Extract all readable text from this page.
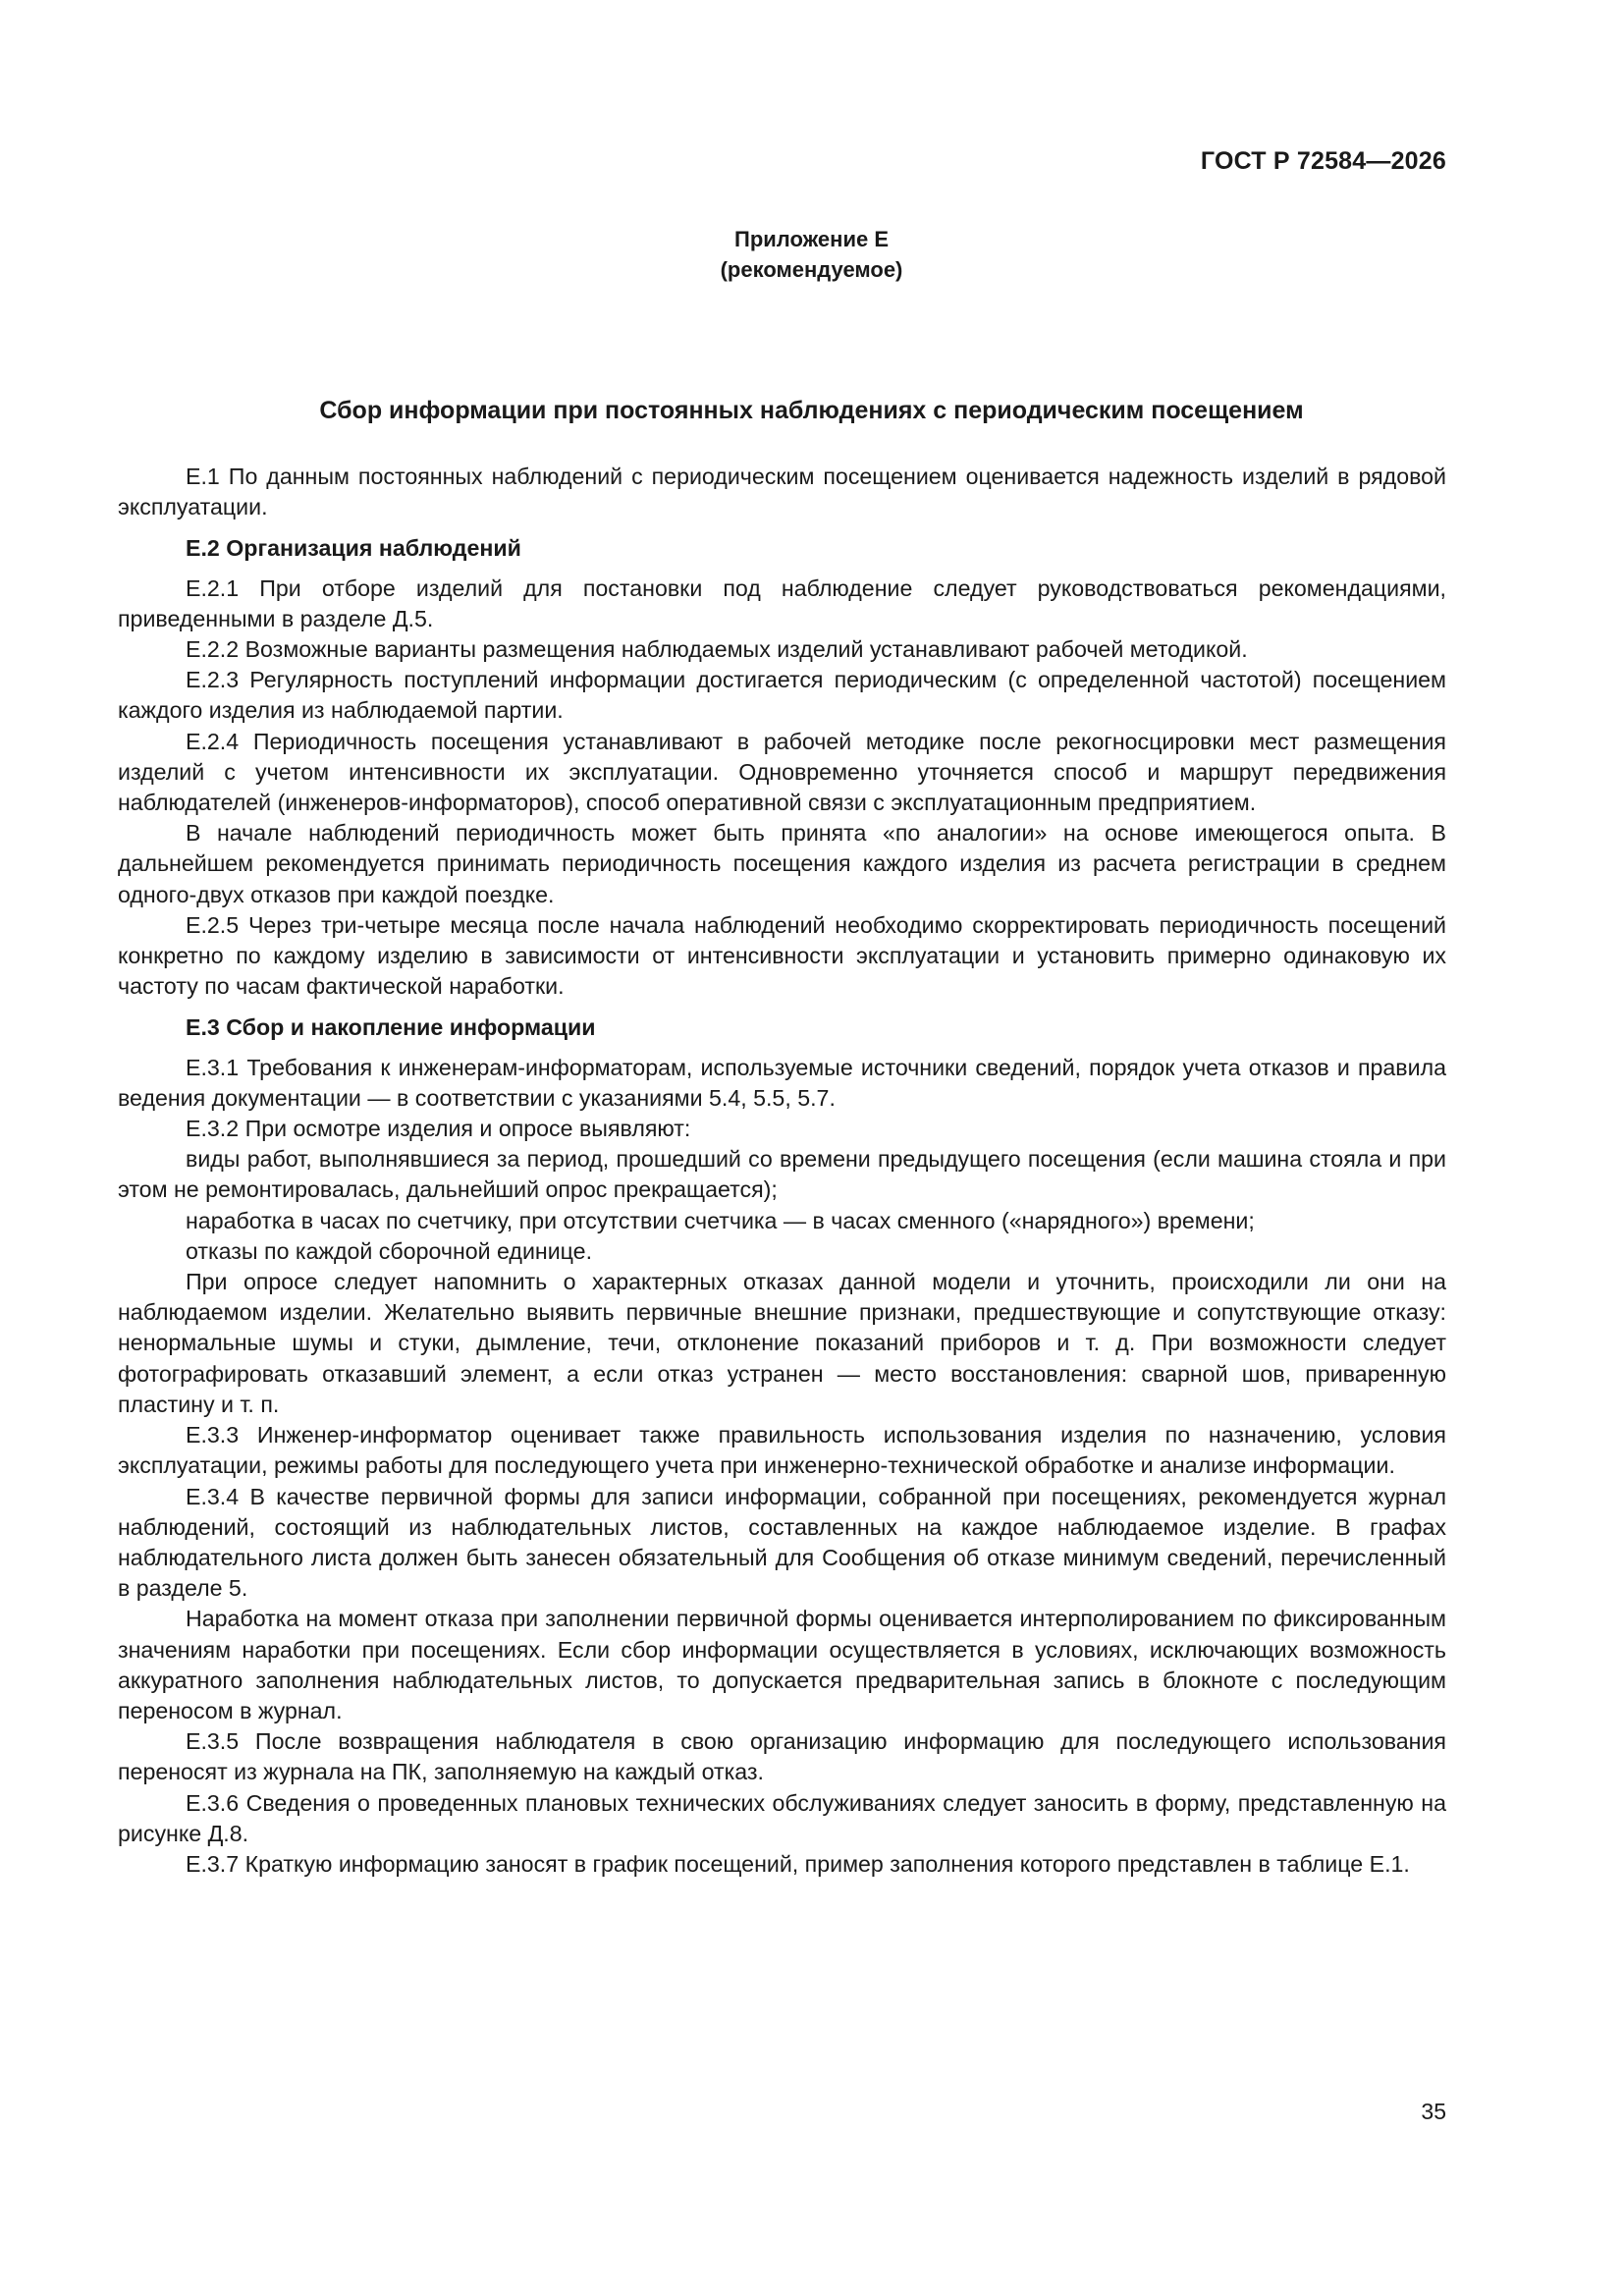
ГОСТ Р 72584—2026
Приложение Е
(рекомендуемое)
Сбор информации при постоянных наблюдениях с периодическим посещением

Е.1 По данным постоянных наблюдений с периодическим посещением оценивается надежность изделий в рядовой эксплуатации.

Е.2 Организация наблюдений

Е.2.1 При отборе изделий для постановки под наблюдение следует руководствоваться рекомендациями, приведенными в разделе Д.5.

Е.2.2 Возможные варианты размещения наблюдаемых изделий устанавливают рабочей методикой.

Е.2.3 Регулярность поступлений информации достигается периодическим (с определенной частотой) посещением каждого изделия из наблюдаемой партии.

Е.2.4 Периодичность посещения устанавливают в рабочей методике после рекогносцировки мест размещения изделий с учетом интенсивности их эксплуатации. Одновременно уточняется способ и маршрут передвижения наблюдателей (инженеров-информаторов), способ оперативной связи с эксплуатационным предприятием.

В начале наблюдений периодичность может быть принята «по аналогии» на основе имеющегося опыта. В дальнейшем рекомендуется принимать периодичность посещения каждого изделия из расчета регистрации в среднем одного-двух отказов при каждой поездке.

Е.2.5 Через три-четыре месяца после начала наблюдений необходимо скорректировать периодичность посещений конкретно по каждому изделию в зависимости от интенсивности эксплуатации и установить примерно одинаковую их частоту по часам фактической наработки.

Е.3 Сбор и накопление информации

Е.3.1 Требования к инженерам-информаторам, используемые источники сведений, порядок учета отказов и правила ведения документации — в соответствии с указаниями 5.4, 5.5, 5.7.

Е.3.2 При осмотре изделия и опросе выявляют:

виды работ, выполнявшиеся за период, прошедший со времени предыдущего посещения (если машина стояла и при этом не ремонтировалась, дальнейший опрос прекращается);

наработка в часах по счетчику, при отсутствии счетчика — в часах сменного («нарядного») времени;

отказы по каждой сборочной единице.

При опросе следует напомнить о характерных отказах данной модели и уточнить, происходили ли они на наблюдаемом изделии. Желательно выявить первичные внешние признаки, предшествующие и сопутствующие отказу: ненормальные шумы и стуки, дымление, течи, отклонение показаний приборов и т. д. При возможности следует фотографировать отказавший элемент, а если отказ устранен — место восстановления: сварной шов, приваренную пластину и т. п.

Е.3.3 Инженер-информатор оценивает также правильность использования изделия по назначению, условия эксплуатации, режимы работы для последующего учета при инженерно-технической обработке и анализе информации.

Е.3.4 В качестве первичной формы для записи информации, собранной при посещениях, рекомендуется журнал наблюдений, состоящий из наблюдательных листов, составленных на каждое наблюдаемое изделие. В графах наблюдательного листа должен быть занесен обязательный для Сообщения об отказе минимум сведений, перечисленный в разделе 5.

Наработка на момент отказа при заполнении первичной формы оценивается интерполированием по фиксированным значениям наработки при посещениях. Если сбор информации осуществляется в условиях, исключающих возможность аккуратного заполнения наблюдательных листов, то допускается предварительная запись в блокноте с последующим переносом в журнал.

Е.3.5 После возвращения наблюдателя в свою организацию информацию для последующего использования переносят из журнала на ПК, заполняемую на каждый отказ.

Е.3.6 Сведения о проведенных плановых технических обслуживаниях следует заносить в форму, представленную на рисунке Д.8.

Е.3.7 Краткую информацию заносят в график посещений, пример заполнения которого представлен в таблице Е.1.

35
